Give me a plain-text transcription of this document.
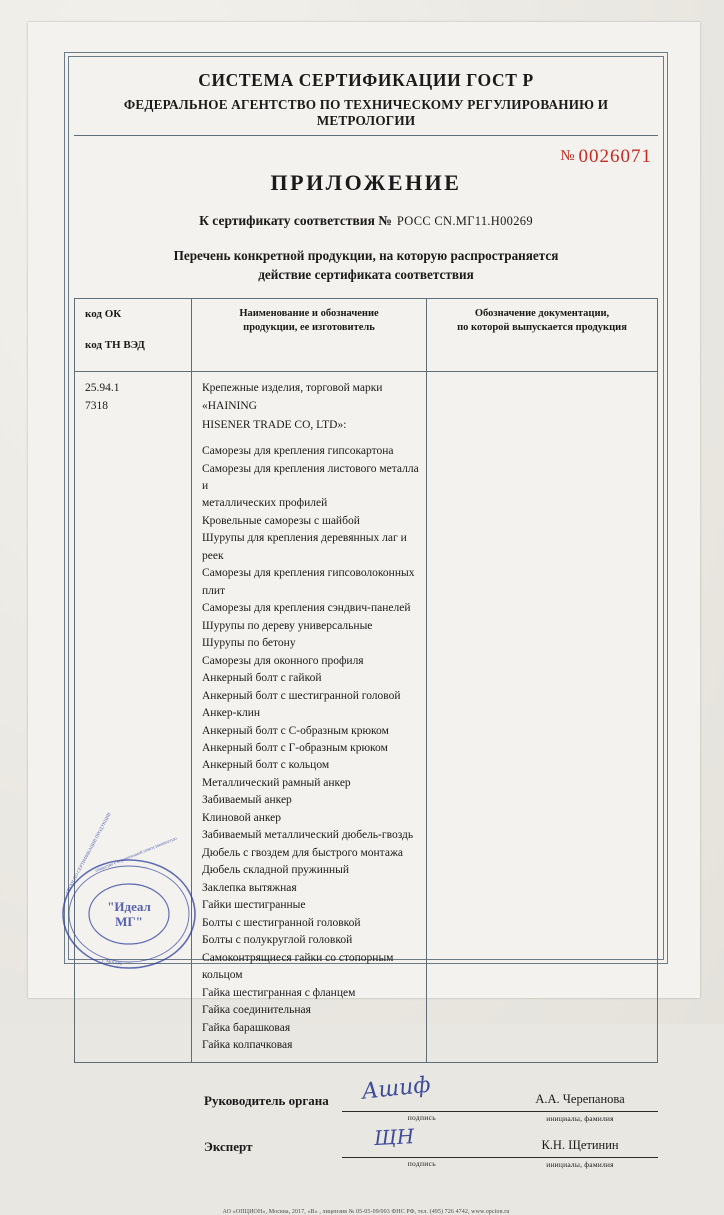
СИСТЕМА СЕРТИФИКАЦИИ ГОСТ Р
ФЕДЕРАЛЬНОЕ АГЕНТСТВО ПО ТЕХНИЧЕСКОМУ РЕГУЛИРОВАНИЮ И МЕТРОЛОГИИ
№ 0026071
ПРИЛОЖЕНИЕ
К сертификату соответствия № РОСС CN.МГ11.Н00269
Перечень конкретной продукции, на которую распространяется
действие сертификата соответствия
код ОК
код ТН ВЭД

Наименование и обозначение
продукции, ее изготовитель

Обозначение документации,
по которой выпускается продукция

25.94.1
7318

Крепежные изделия, торговой марки «HAINING
HISENER TRADE CO, LTD»:
Саморезы для крепления гипсокартона
Саморезы для крепления листового металла и
металлических профилей
Кровельные саморезы с шайбой
Шурупы для крепления деревянных лаг и реек
Саморезы для крепления гипсоволоконных плит
Саморезы для крепления сэндвич-панелей
Шурупы по дереву универсальные
Шурупы по бетону
Саморезы для оконного профиля
Анкерный болт с гайкой
Анкерный болт с шестигранной головой
Анкер-клин
Анкерный болт с С-образным крюком
Анкерный болт с Г-образным крюком
Анкерный болт с кольцом
Металлический рамный анкер
Забиваемый анкер
Клиновой анкер
Забиваемый металлический дюбель-гвоздь
Дюбель с гвоздем для быстрого монтажа
Дюбель складной пружинный
Заклепка вытяжная
Гайки шестигранные
Болты с шестигранной головкой
Болты с полукруглой головкой
Самоконтрящиеся гайки со стопорным кольцом
Гайка шестигранная с фланцем
Гайка соединительная
Гайка барашковая
Гайка колпачковая

Руководитель органа	Ашиф
подпись
А.А. Черепанова
инициалы, фамилия
Эксперт	ЩН
подпись
К.Н. Щетинин
инициалы, фамилия
АО «ОПЦИОН», Москва, 2017, «В» , лицензия № 05-05-09/003 ФНС РФ, тел. (495) 726 4742, www.opcion.ru
"Идеал
МГ"
ОРГАН ПО СЕРТИФИКАЦИИ ПРОДУКЦИИ
общество с ограниченной ответственностью
г. Москва
